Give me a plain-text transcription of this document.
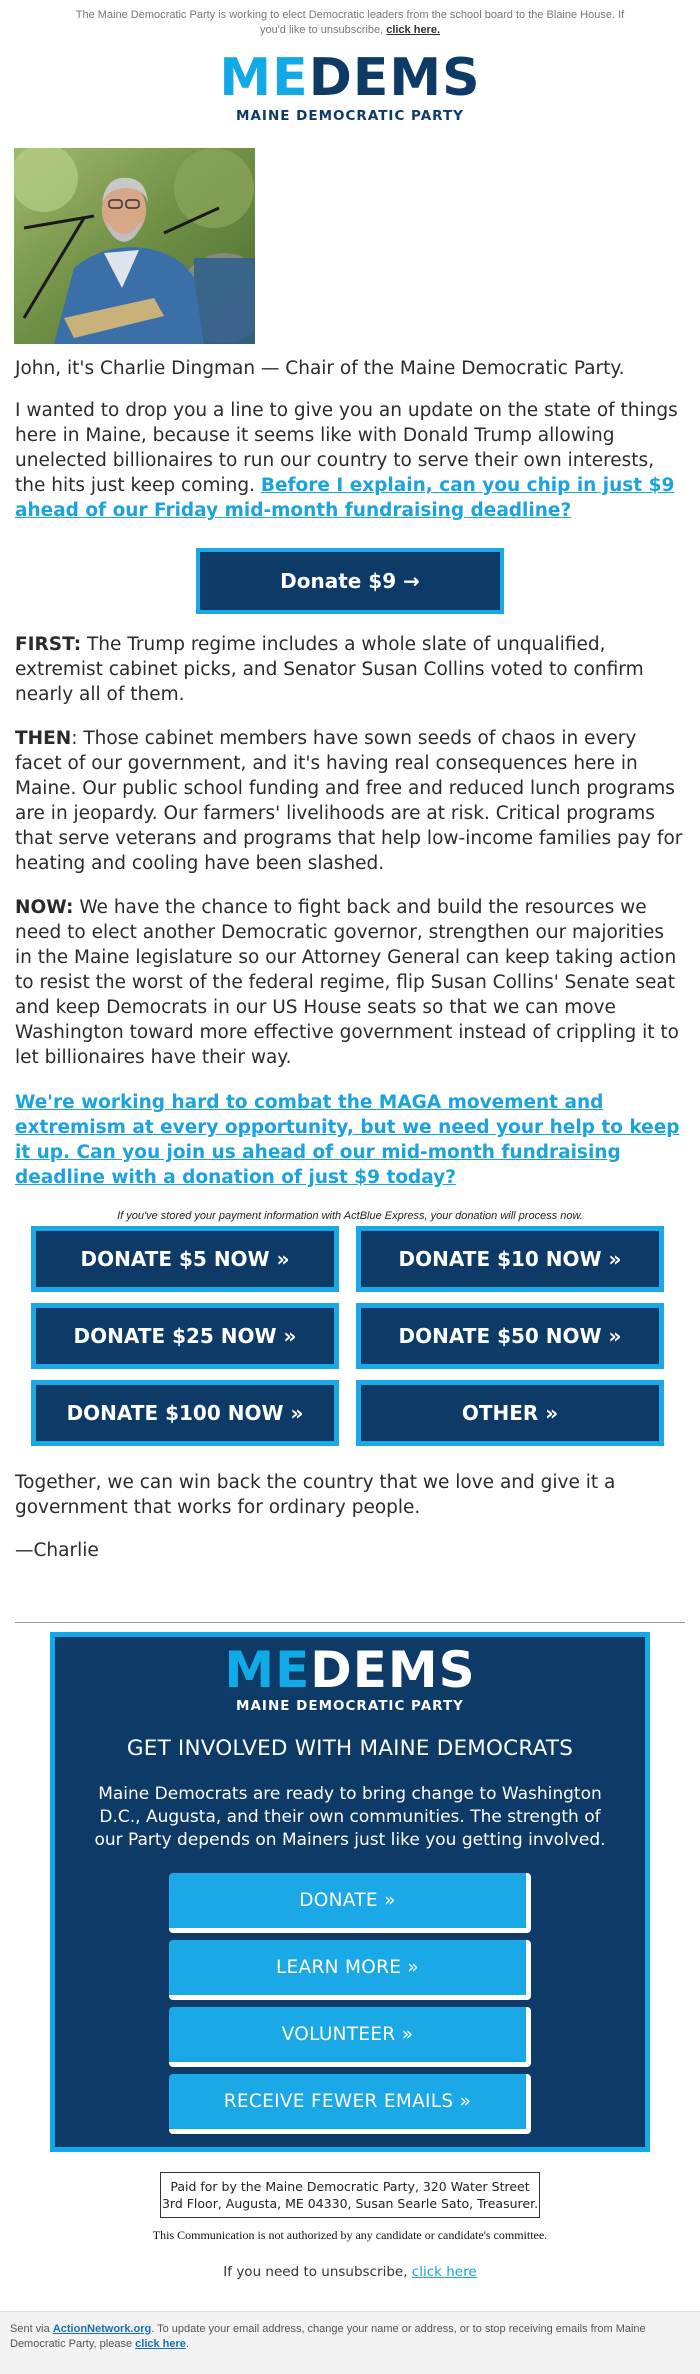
The Maine Democratic Party is working to elect Democratic leaders from the school board to the Blaine House. If you'd like to unsubscribe, click here.
MEDEMS
MAINE DEMOCRATIC PARTY
John, it's Charlie Dingman — Chair of the Maine Democratic Party.
I wanted to drop you a line to give you an update on the state of things here in Maine, because it seems like with Donald Trump allowing unelected billionaires to run our country to serve their own interests, the hits just keep coming. Before I explain, can you chip in just $9 ahead of our Friday mid-month fundraising deadline?
Donate $9 →
FIRST: The Trump regime includes a whole slate of unqualified, extremist cabinet picks, and Senator Susan Collins voted to confirm nearly all of them.
THEN: Those cabinet members have sown seeds of chaos in every facet of our government, and it's having real consequences here in Maine. Our public school funding and free and reduced lunch programs are in jeopardy. Our farmers' livelihoods are at risk. Critical programs that serve veterans and programs that help low-income families pay for heating and cooling have been slashed.
NOW: We have the chance to fight back and build the resources we need to elect another Democratic governor, strengthen our majorities in the Maine legislature so our Attorney General can keep taking action to resist the worst of the federal regime, flip Susan Collins' Senate seat and keep Democrats in our US House seats so that we can move Washington toward more effective government instead of crippling it to let billionaires have their way.
We're working hard to combat the MAGA movement and extremism at every opportunity, but we need your help to keep it up. Can you join us ahead of our mid-month fundraising deadline with a donation of just $9 today?
If you've stored your payment information with ActBlue Express, your donation will process now.
DONATE $5 NOW »	DONATE $10 NOW »
DONATE $25 NOW »	DONATE $50 NOW »
DONATE $100 NOW »	OTHER »
Together, we can win back the country that we love and give it a government that works for ordinary people.
—Charlie
MEDEMS
MAINE DEMOCRATIC PARTY
GET INVOLVED WITH MAINE DEMOCRATS
Maine Democrats are ready to bring change to Washington D.C., Augusta, and their own communities. The strength of our Party depends on Mainers just like you getting involved.
DONATE »
LEARN MORE »
VOLUNTEER »
RECEIVE FEWER EMAILS »
Paid for by the Maine Democratic Party, 320 Water Street
3rd Floor, Augusta, ME 04330, Susan Searle Sato, Treasurer.
This Communication is not authorized by any candidate or candidate's committee.
If you need to unsubscribe, click here
Sent via ActionNetwork.org. To update your email address, change your name or address, or to stop receiving emails from Maine Democratic Party, please click here.
